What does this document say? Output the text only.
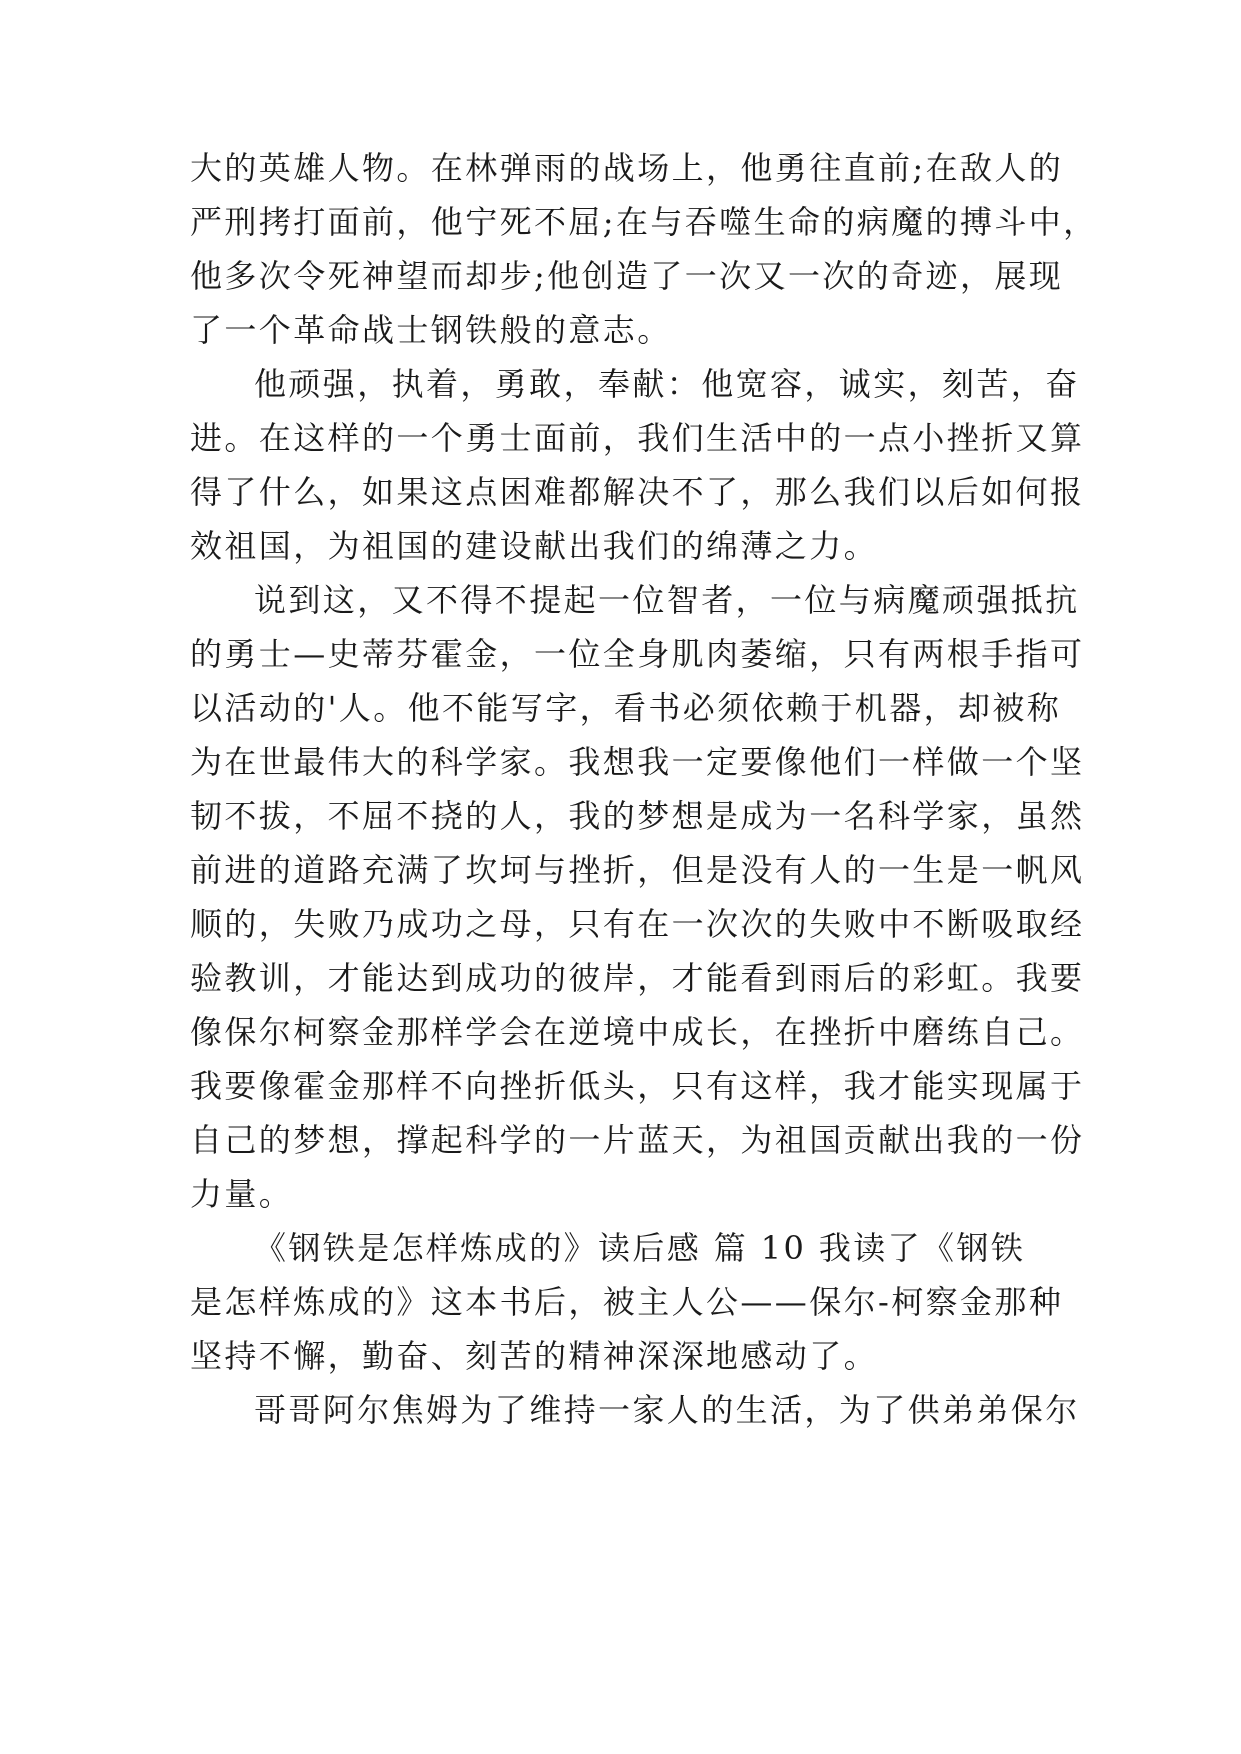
大的英雄人物。在林弹雨的战场上，他勇往直前;在敌人的
严刑拷打面前，他宁死不屈;在与吞噬生命的病魔的搏斗中，
他多次令死神望而却步;他创造了一次又一次的奇迹，展现
了一个革命战士钢铁般的意志。
他顽强，执着，勇敢，奉献：他宽容，诚实，刻苦，奋
进。在这样的一个勇士面前，我们生活中的一点小挫折又算
得了什么，如果这点困难都解决不了，那么我们以后如何报
效祖国，为祖国的建设献出我们的绵薄之力。
说到这，又不得不提起一位智者，一位与病魔顽强抵抗
的勇士—史蒂芬霍金，一位全身肌肉萎缩，只有两根手指可
以活动的'人。他不能写字，看书必须依赖于机器，却被称
为在世最伟大的科学家。我想我一定要像他们一样做一个坚
韧不拔，不屈不挠的人，我的梦想是成为一名科学家，虽然
前进的道路充满了坎坷与挫折，但是没有人的一生是一帆风
顺的，失败乃成功之母，只有在一次次的失败中不断吸取经
验教训，才能达到成功的彼岸，才能看到雨后的彩虹。我要
像保尔柯察金那样学会在逆境中成长，在挫折中磨练自己。
我要像霍金那样不向挫折低头，只有这样，我才能实现属于
自己的梦想，撑起科学的一片蓝天，为祖国贡献出我的一份
力量。
《钢铁是怎样炼成的》读后感 篇 10 我读了《钢铁
是怎样炼成的》这本书后，被主人公——保尔-柯察金那种
坚持不懈，勤奋、刻苦的精神深深地感动了。
哥哥阿尔焦姆为了维持一家人的生活，为了供弟弟保尔
